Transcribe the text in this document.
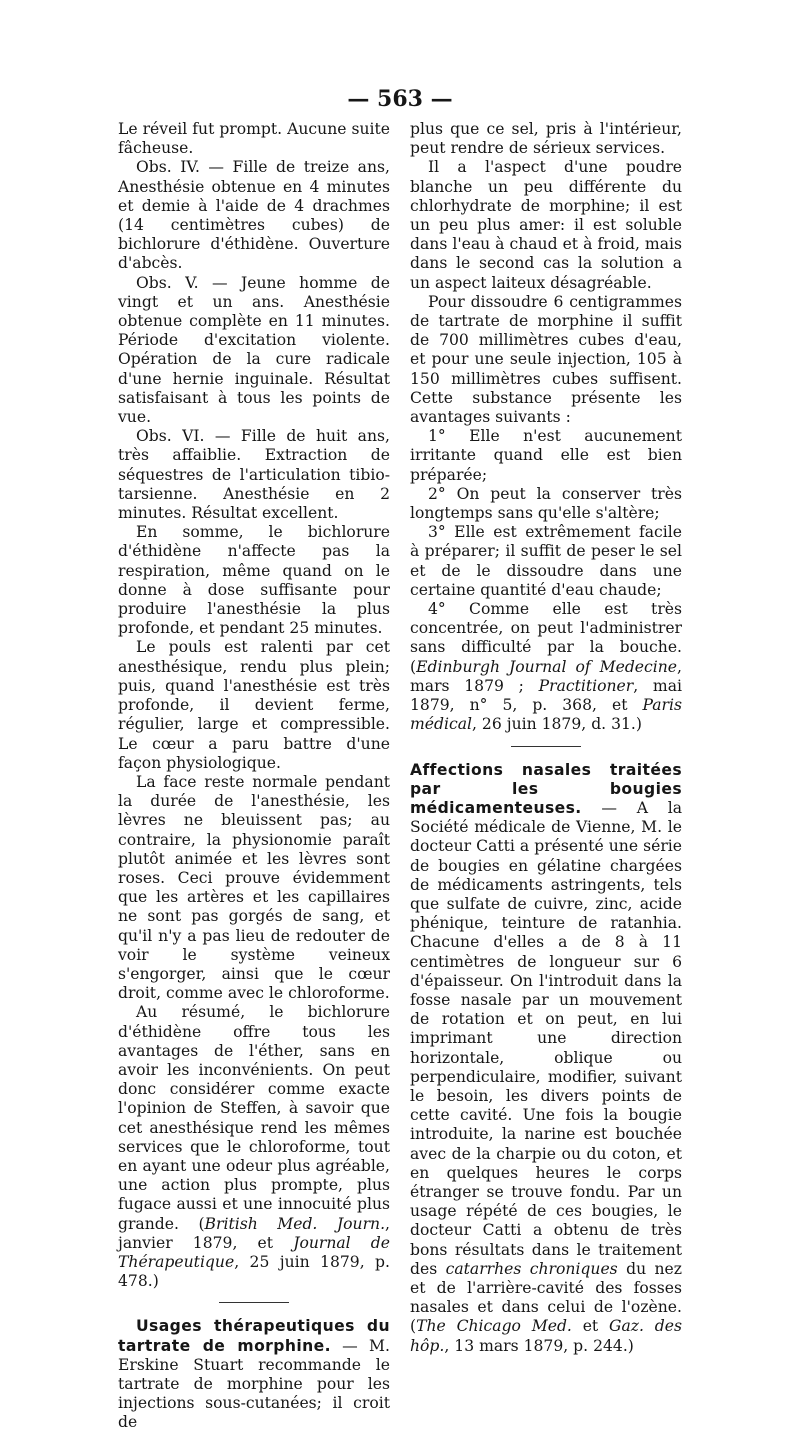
— 563 —

Le réveil fut prompt. Aucune suite fâcheuse.

Obs. IV. — Fille de treize ans, Anesthésie obtenue en 4 minutes et demie à l'aide de 4 drachmes (14 centimètres cubes) de bichlorure d'éthidène. Ouverture d'abcès.

Obs. V. — Jeune homme de vingt et un ans. Anesthésie obtenue complète en 11 minutes. Période d'excitation violente. Opération de la cure radicale d'une hernie inguinale. Résultat satisfaisant à tous les points de vue.

Obs. VI. — Fille de huit ans, très affaiblie. Extraction de séquestres de l'articulation tibio-tarsienne. Anesthésie en 2 minutes. Résultat excellent.

En somme, le bichlorure d'éthidène n'affecte pas la respiration, même quand on le donne à dose suffisante pour produire l'anesthésie la plus profonde, et pendant 25 minutes.

Le pouls est ralenti par cet anesthésique, rendu plus plein; puis, quand l'anesthésie est très profonde, il devient ferme, régulier, large et compressible. Le cœur a paru battre d'une façon physiologique.

La face reste normale pendant la durée de l'anesthésie, les lèvres ne bleuissent pas; au contraire, la physionomie paraît plutôt animée et les lèvres sont roses. Ceci prouve évidemment que les artères et les capillaires ne sont pas gorgés de sang, et qu'il n'y a pas lieu de redouter de voir le système veineux s'engorger, ainsi que le cœur droit, comme avec le chloroforme.

Au résumé, le bichlorure d'éthidène offre tous les avantages de l'éther, sans en avoir les inconvénients. On peut donc considérer comme exacte l'opinion de Steffen, à savoir que cet anesthésique rend les mêmes services que le chloroforme, tout en ayant une odeur plus agréable, une action plus prompte, plus fugace aussi et une innocuité plus grande. (British Med. Journ., janvier 1879, et Journal de Thérapeutique, 25 juin 1879, p. 478.)

Usages thérapeutiques du tartrate de morphine. — M. Erskine Stuart recommande le tartrate de morphine pour les injections sous-cutanées; il croit de

plus que ce sel, pris à l'intérieur, peut rendre de sérieux services.

Il a l'aspect d'une poudre blanche un peu différente du chlorhydrate de morphine; il est un peu plus amer: il est soluble dans l'eau à chaud et à froid, mais dans le second cas la solution a un aspect laiteux désagréable.

Pour dissoudre 6 centigrammes de tartrate de morphine il suffit de 700 millimètres cubes d'eau, et pour une seule injection, 105 à 150 millimètres cubes suffisent. Cette substance présente les avantages suivants :

1° Elle n'est aucunement irritante quand elle est bien préparée;

2° On peut la conserver très longtemps sans qu'elle s'altère;

3° Elle est extrêmement facile à préparer; il suffit de peser le sel et de le dissoudre dans une certaine quantité d'eau chaude;

4° Comme elle est très concentrée, on peut l'administrer sans difficulté par la bouche. (Edinburgh Journal of Medecine, mars 1879 ; Practitioner, mai 1879, n° 5, p. 368, et Paris médical, 26 juin 1879, d. 31.)

Affections nasales traitées par les bougies médicamenteuses. — A la Société médicale de Vienne, M. le docteur Catti a présenté une série de bougies en gélatine chargées de médicaments astringents, tels que sulfate de cuivre, zinc, acide phénique, teinture de ratanhia. Chacune d'elles a de 8 à 11 centimètres de longueur sur 6 d'épaisseur. On l'introduit dans la fosse nasale par un mouvement de rotation et on peut, en lui imprimant une direction horizontale, oblique ou perpendiculaire, modifier, suivant le besoin, les divers points de cette cavité. Une fois la bougie introduite, la narine est bouchée avec de la charpie ou du coton, et en quelques heures le corps étranger se trouve fondu. Par un usage répété de ces bougies, le docteur Catti a obtenu de très bons résultats dans le traitement des catarrhes chroniques du nez et de l'arrière-cavité des fosses nasales et dans celui de l'ozène. (The Chicago Med. et Gaz. des hôp., 13 mars 1879, p. 244.)
